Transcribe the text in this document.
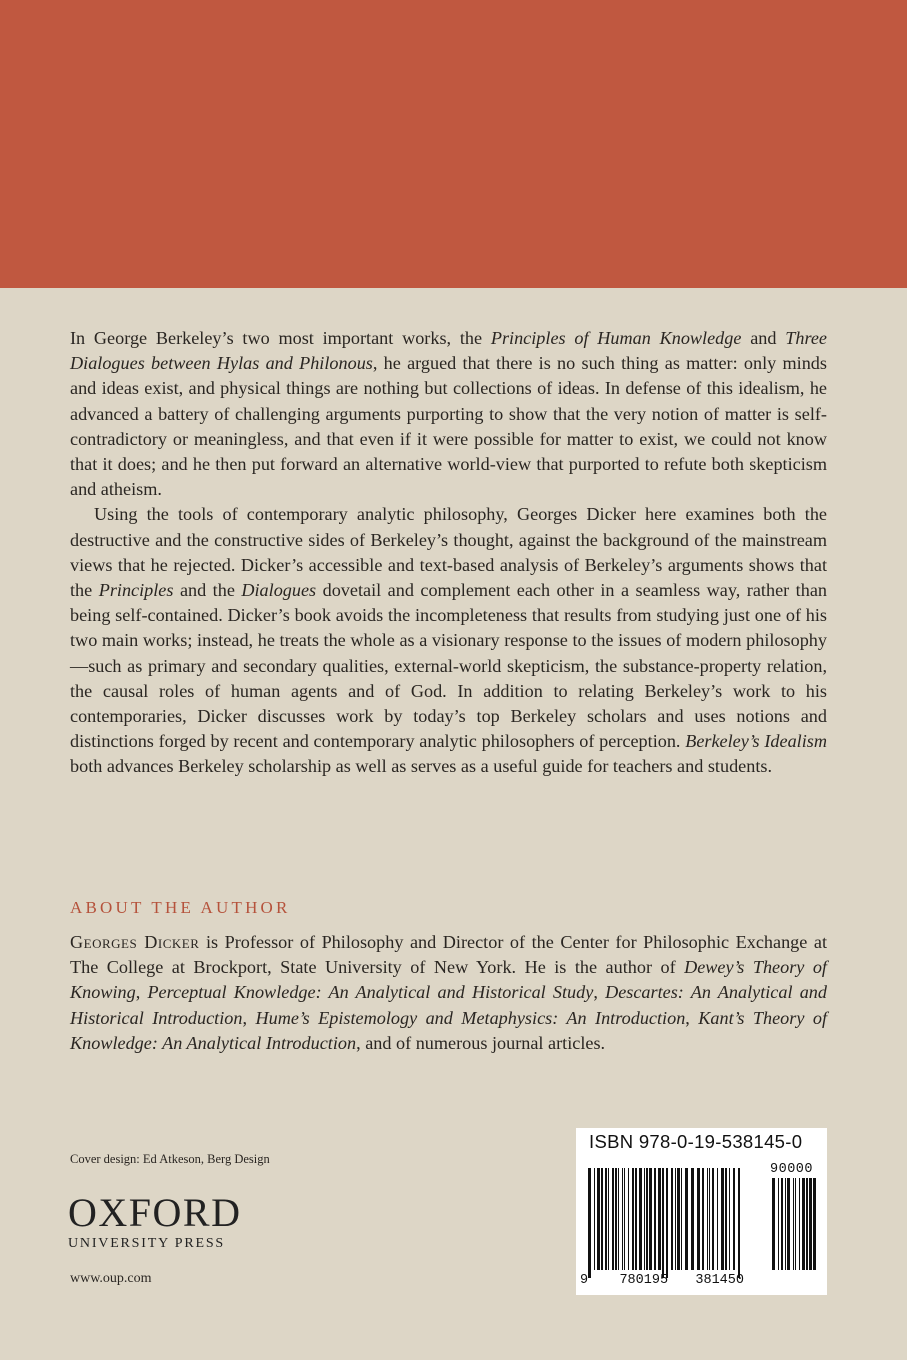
In George Berkeley’s two most important works, the Principles of Human Knowledge and Three Dialogues between Hylas and Philonous, he argued that there is no such thing as matter: only minds and ideas exist, and physical things are nothing but collections of ideas. In defense of this idealism, he advanced a battery of challenging arguments purporting to show that the very notion of matter is self-contradictory or meaningless, and that even if it were possible for matter to exist, we could not know that it does; and he then put forward an alternative world-view that purported to refute both skepticism and atheism.

Using the tools of contemporary analytic philosophy, Georges Dicker here examines both the destructive and the constructive sides of Berkeley’s thought, against the background of the mainstream views that he rejected. Dicker’s accessible and text-based analysis of Berkeley’s arguments shows that the Principles and the Dialogues dovetail and complement each other in a seamless way, rather than being self-contained. Dicker’s book avoids the incompleteness that results from studying just one of his two main works; instead, he treats the whole as a visionary response to the issues of modern philosophy—such as primary and secondary qualities, external-world skepticism, the substance-property relation, the causal roles of human agents and of God. In addition to relating Berkeley’s work to his contemporaries, Dicker discusses work by today’s top Berkeley scholars and uses notions and distinctions forged by recent and contemporary analytic philosophers of perception. Berkeley’s Idealism both advances Berkeley scholarship as well as serves as a useful guide for teachers and students.

ABOUT THE AUTHOR

Georges Dicker is Professor of Philosophy and Director of the Center for Philosophic Exchange at The College at Brockport, State University of New York. He is the author of Dewey’s Theory of Knowing, Perceptual Knowledge: An Analytical and Historical Study, Descartes: An Analytical and Historical Introduction, Hume’s Epistemology and Metaphysics: An Introduction, Kant’s Theory of Knowledge: An Analytical Introduction, and of numerous journal articles.

Cover design: Ed Atkeson, Berg Design
OXFORD
UNIVERSITY PRESS
www.oup.com
ISBN 978-0-19-538145-0
90000
9 780195 381450
